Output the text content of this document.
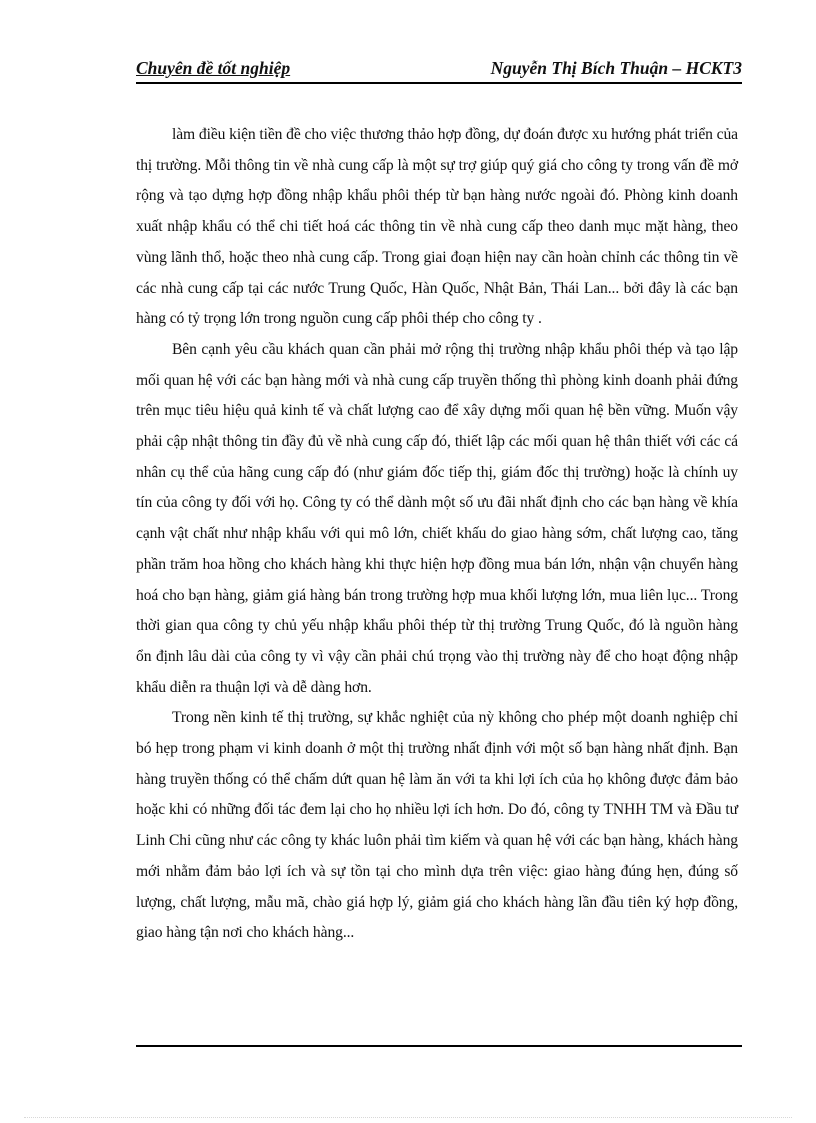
Chuyên đề tốt nghiệp	Nguyễn Thị Bích Thuận – HCKT3

làm điều kiện tiền đề cho việc thương thảo hợp đồng, dự đoán được xu hướng phát triển của thị trường. Mỗi thông tin về nhà cung cấp là một sự trợ giúp quý giá cho công ty trong vấn đề mở rộng và tạo dựng hợp đồng nhập khẩu phôi thép từ bạn hàng nước ngoài đó. Phòng kinh doanh xuất nhập khẩu có thể chi tiết hoá các thông tin về nhà cung cấp theo danh mục mặt hàng, theo vùng lãnh thổ, hoặc theo nhà cung cấp. Trong giai đoạn hiện nay cần hoàn chỉnh các thông tin về các nhà cung cấp tại các nước Trung Quốc, Hàn Quốc, Nhật Bản, Thái Lan... bởi đây là các bạn hàng có tỷ trọng lớn trong nguồn cung cấp phôi thép cho công ty .

Bên cạnh yêu cầu khách quan cần phải mở rộng thị trường nhập khẩu phôi thép và tạo lập mối quan hệ với các bạn hàng mới và nhà cung cấp truyền thống thì phòng kinh doanh phải đứng trên mục tiêu hiệu quả kinh tế và chất lượng cao để xây dựng mối quan hệ bền vững. Muốn vậy phải cập nhật thông tin đầy đủ về nhà cung cấp đó, thiết lập các mối quan hệ thân thiết với các cá nhân cụ thể của hãng cung cấp đó (như giám đốc tiếp thị, giám đốc thị trường) hoặc là chính uy tín của công ty đối với họ. Công ty có thể dành một số ưu đãi nhất định cho các bạn hàng về khía cạnh vật chất như nhập khẩu với qui mô lớn, chiết khấu do giao hàng sớm, chất lượng cao, tăng phần trăm hoa hồng cho khách hàng khi thực hiện hợp đồng mua bán lớn, nhận vận chuyển hàng hoá cho bạn hàng, giảm giá hàng bán trong trường hợp mua khối lượng lớn, mua liên lục... Trong thời gian qua công ty chủ yếu nhập khẩu phôi thép từ thị trường Trung Quốc, đó là nguồn hàng ổn định lâu dài của công ty vì vậy cần phải chú trọng vào thị trường này để cho hoạt động nhập khẩu diễn ra thuận lợi và dễ dàng hơn.

Trong nền kinh tế thị trường, sự khắc nghiệt của nỳ không cho phép một doanh nghiệp chỉ bó hẹp trong phạm vi kinh doanh ở một thị trường nhất định với một số bạn hàng nhất định. Bạn hàng truyền thống có thể chấm dứt quan hệ làm ăn với ta khi lợi ích của họ không được đảm bảo hoặc khi có những đối tác đem lại cho họ nhiều lợi ích hơn. Do đó, công ty TNHH TM và Đầu tư Linh Chi cũng như các công ty khác luôn phải tìm kiếm và quan hệ với các bạn hàng, khách hàng mới nhằm đảm bảo lợi ích và sự tồn tại cho mình dựa trên việc: giao hàng đúng hẹn, đúng số lượng, chất lượng, mẫu mã, chào giá hợp lý, giảm giá cho khách hàng lần đầu tiên ký hợp đồng, giao hàng tận nơi cho khách hàng...
